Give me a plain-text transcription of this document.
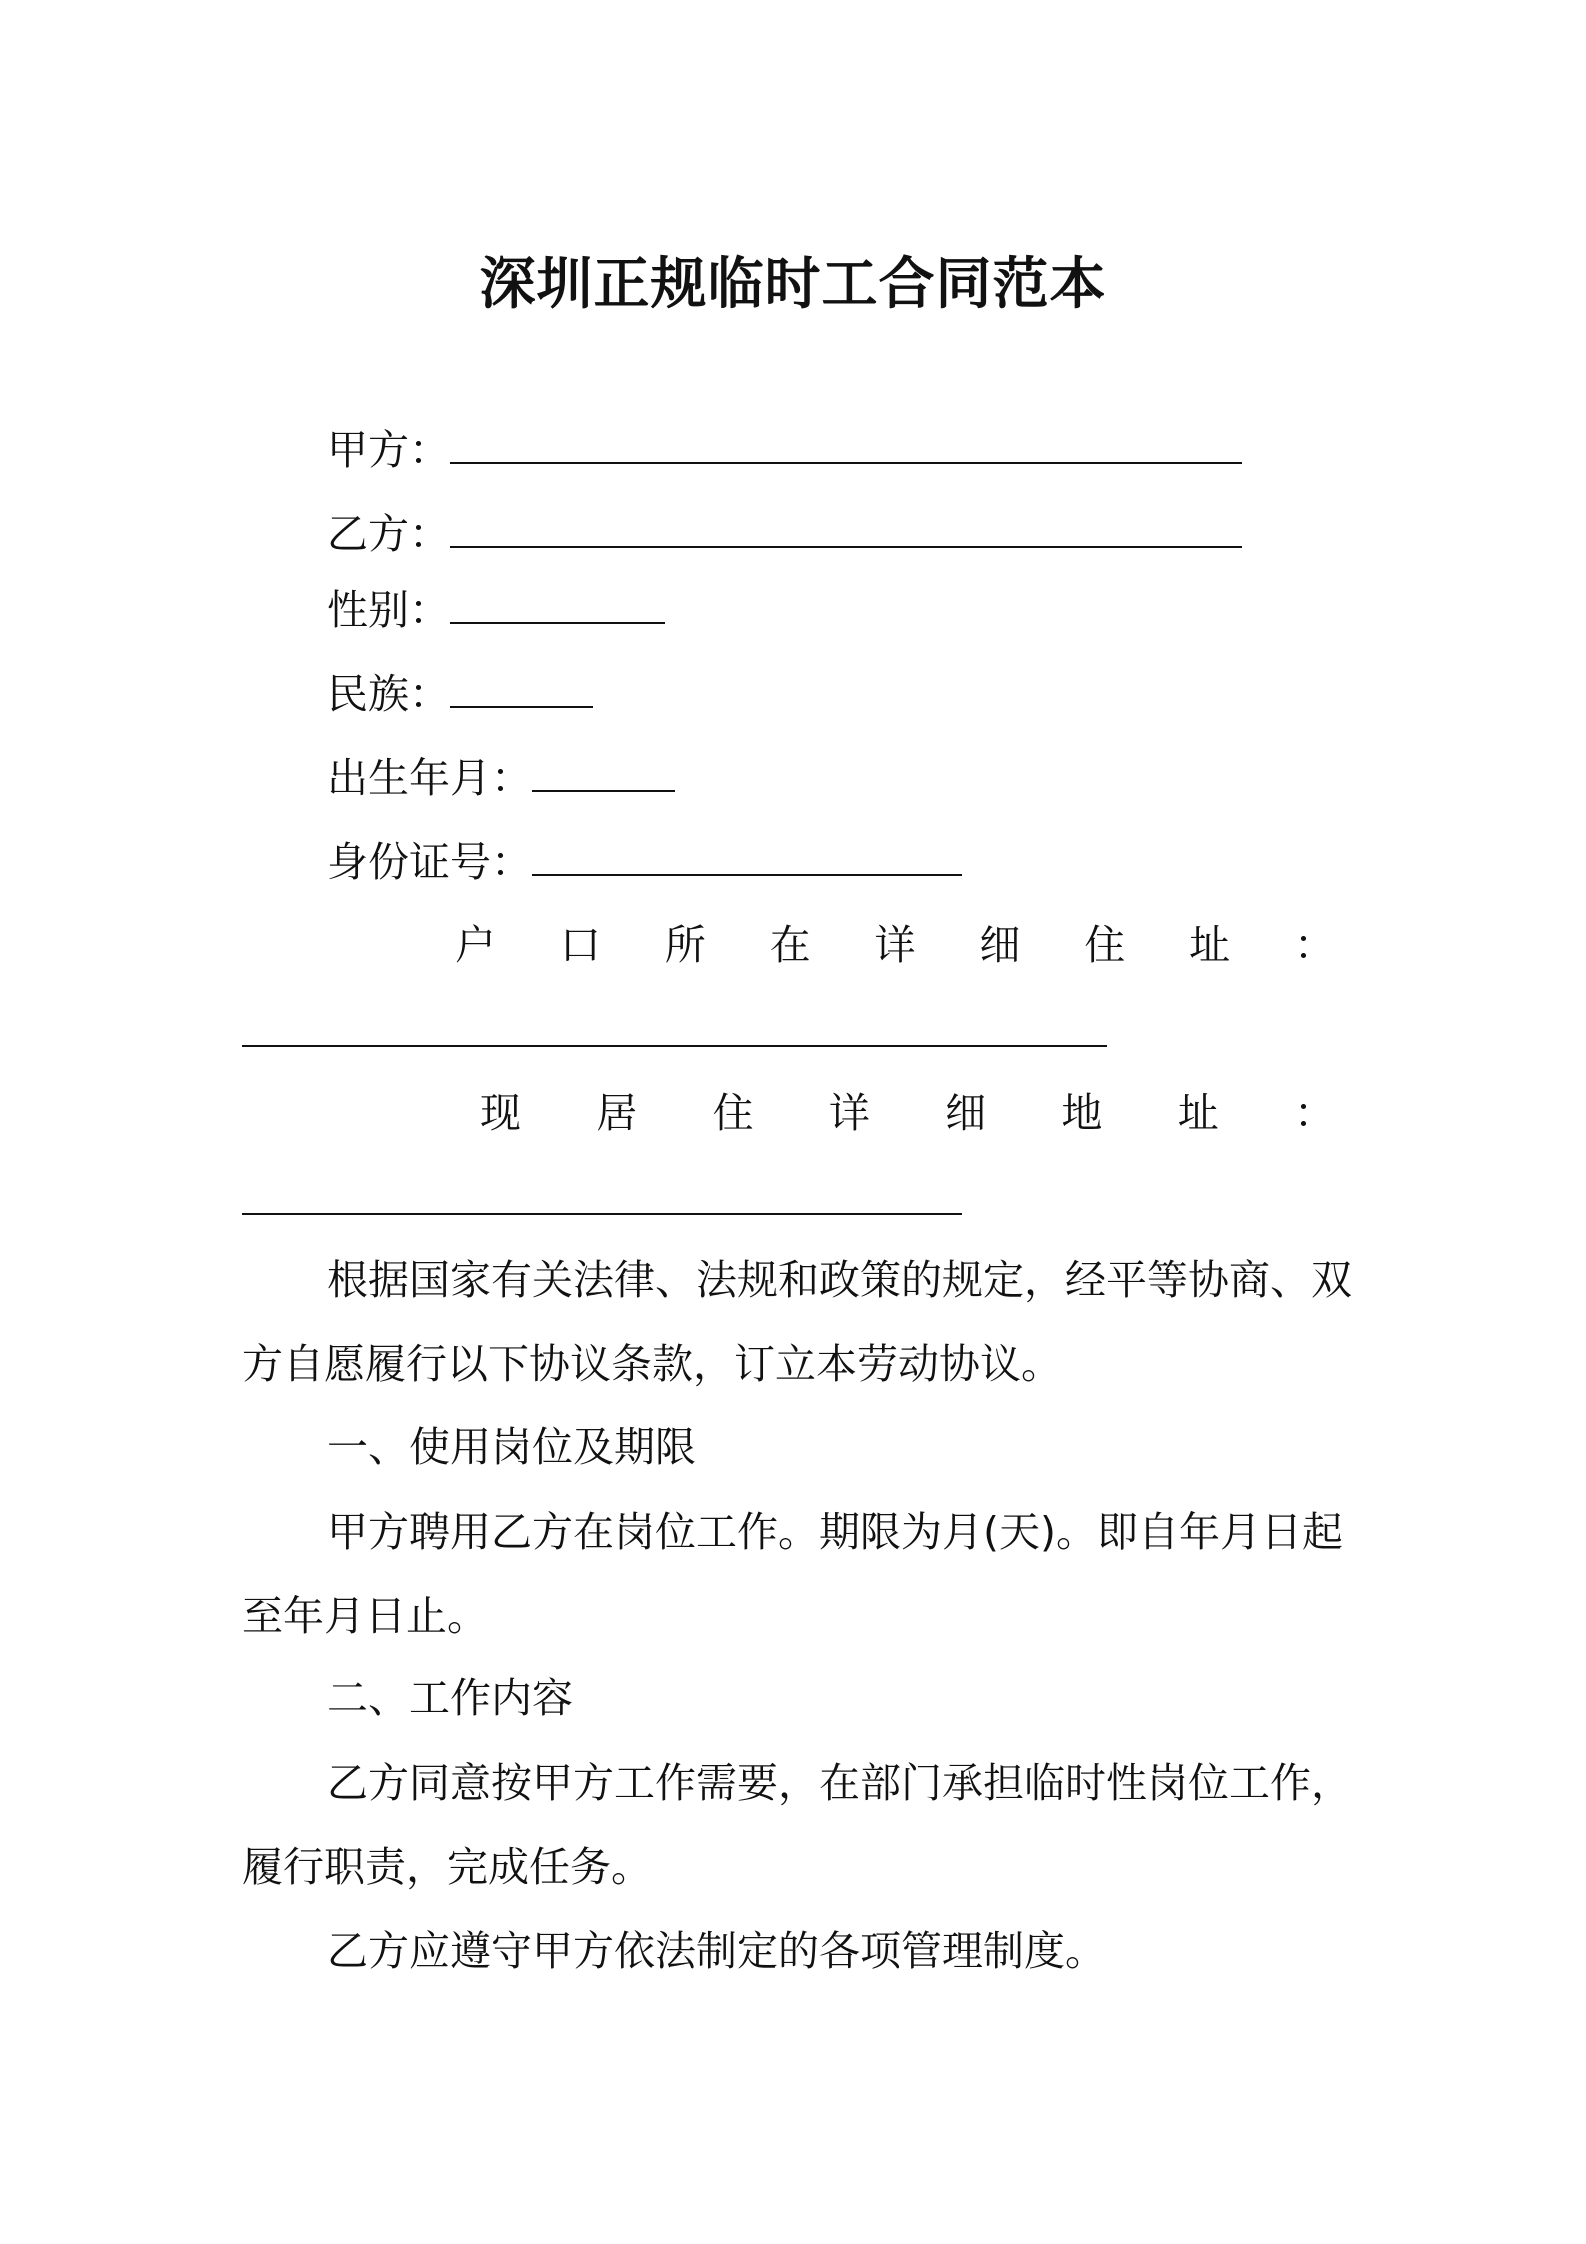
深圳正规临时工合同范本
甲方：
乙方：
性别：
民族：
出生年月：
身份证号：
户 口 所 在 详 细 住 址 ：
现 居 住 详 细 地 址 ：

根据国家有关法律、法规和政策的规定，经平等协商、双方自愿履行以下协议条款，订立本劳动协议。

一、使用岗位及期限

甲方聘用乙方在岗位工作。期限为月(天)。即自年月日起至年月日止。

二、工作内容

乙方同意按甲方工作需要，在部门承担临时性岗位工作，履行职责，完成任务。

乙方应遵守甲方依法制定的各项管理制度。
